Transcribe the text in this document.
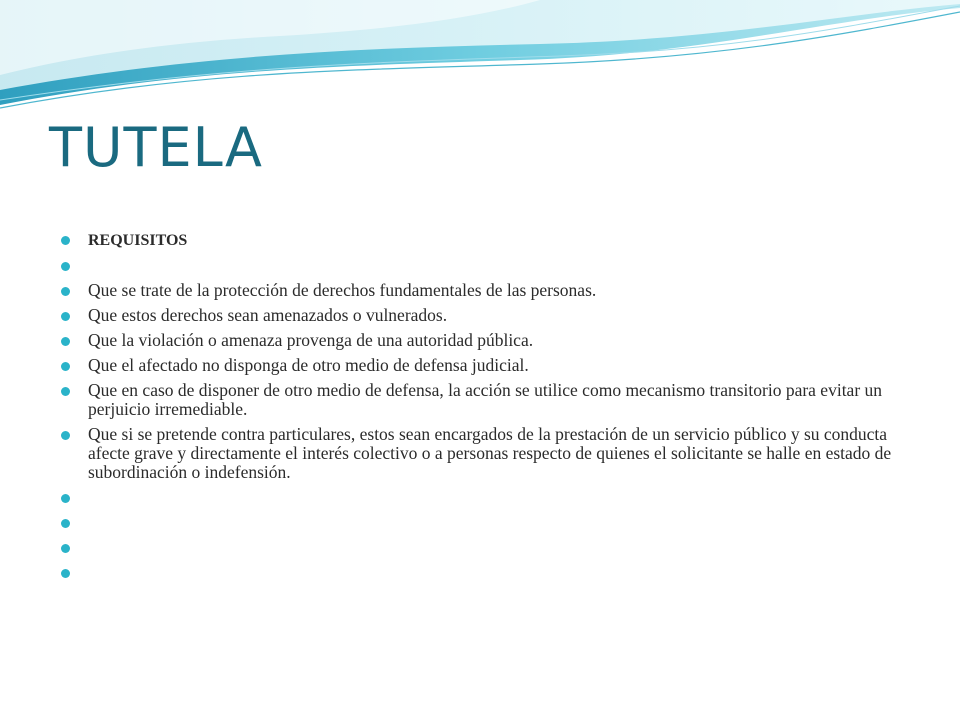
TUTELA
REQUISITOS
Que se trate de la protección de derechos fundamentales de las personas.
Que estos derechos sean amenazados o vulnerados.
Que la violación o amenaza provenga de una autoridad pública.
Que el afectado no disponga de otro medio de defensa judicial.
Que en caso de disponer de otro medio de defensa, la acción se utilice como mecanismo transitorio para evitar un perjuicio irremediable.
Que si se pretende contra particulares, estos sean encargados de la prestación de un servicio público y su conducta afecte grave y directamente el interés colectivo o a personas respecto de quienes el solicitante se halle en estado de subordinación o indefensión.
